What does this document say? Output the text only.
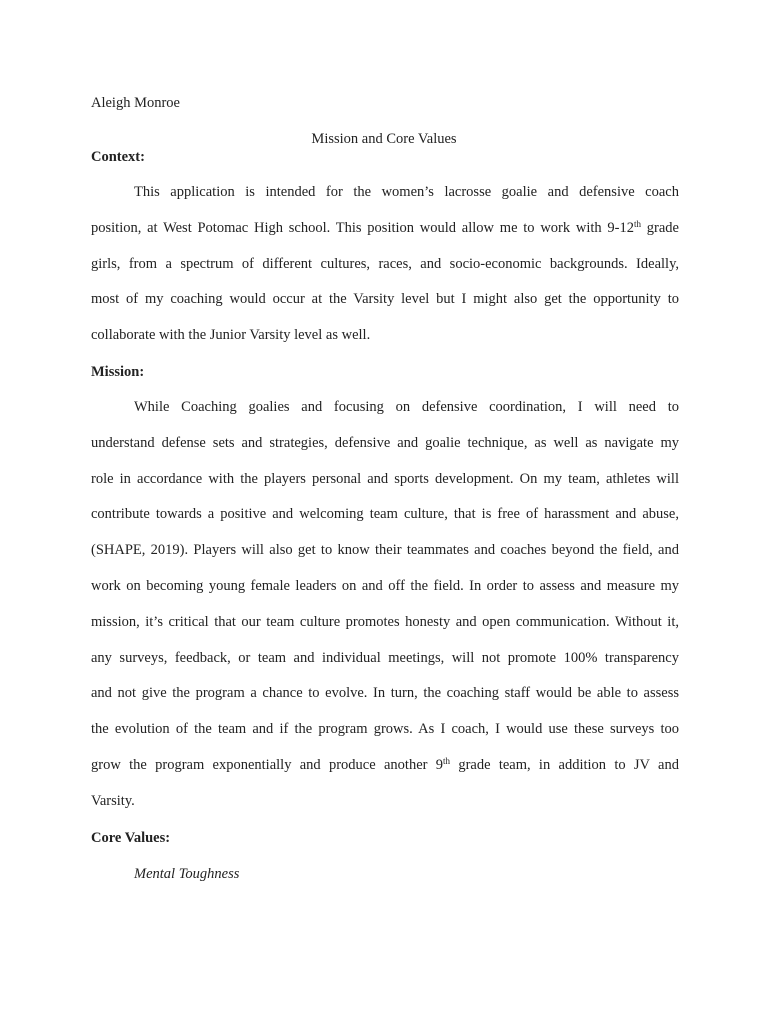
Aleigh Monroe
Mission and Core Values

Context:

This application is intended for the women’s lacrosse goalie and defensive coach
position, at West Potomac High school. This position would allow me to work with 9-12th grade
girls, from a spectrum of different cultures, races, and socio-economic backgrounds. Ideally,
most of my coaching would occur at the Varsity level but I might also get the opportunity to
collaborate with the Junior Varsity level as well.

Mission:

While Coaching goalies and focusing on defensive coordination, I will need to
understand defense sets and strategies, defensive and goalie technique, as well as navigate my
role in accordance with the players personal and sports development. On my team, athletes will
contribute towards a positive and welcoming team culture, that is free of harassment and abuse,
(SHAPE, 2019). Players will also get to know their teammates and coaches beyond the field, and
work on becoming young female leaders on and off the field. In order to assess and measure my
mission, it’s critical that our team culture promotes honesty and open communication. Without it,
any surveys, feedback, or team and individual meetings, will not promote 100% transparency
and not give the program a chance to evolve. In turn, the coaching staff would be able to assess
the evolution of the team and if the program grows. As I coach, I would use these surveys too
grow the program exponentially and produce another 9th grade team, in addition to JV and
Varsity.

Core Values:

Mental Toughness
